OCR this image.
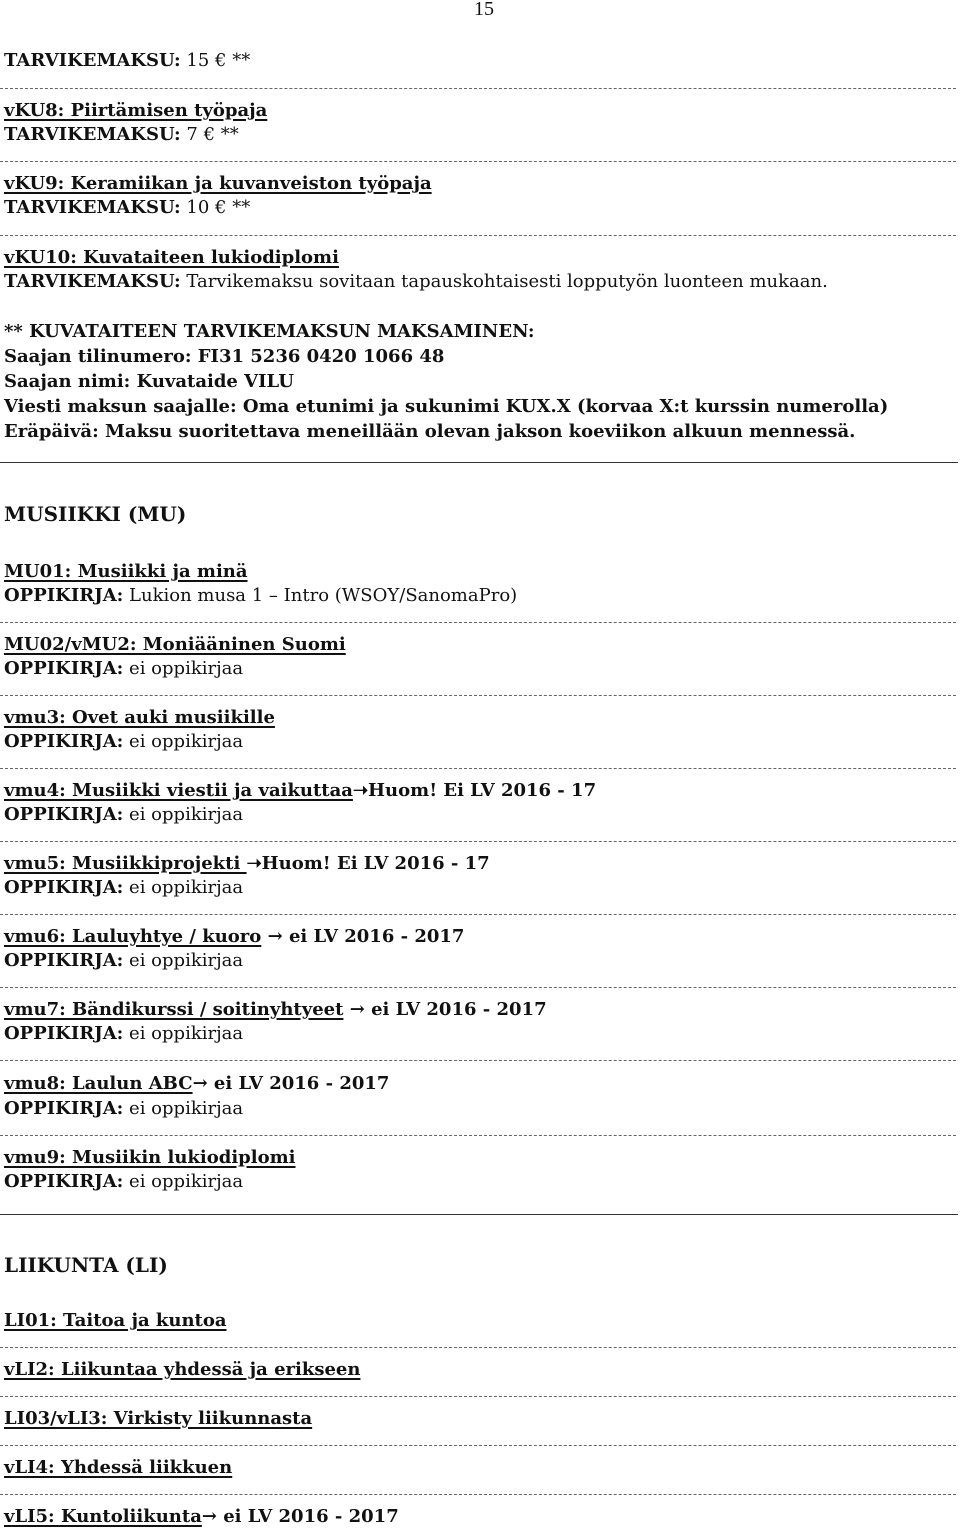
15
TARVIKEMAKSU: 15 € **
vKU8: Piirtämisen työpaja
TARVIKEMAKSU: 7 € **
vKU9: Keramiikan ja kuvanveiston työpaja
TARVIKEMAKSU: 10 € **
vKU10: Kuvataiteen lukiodiplomi
TARVIKEMAKSU: Tarvikemaksu sovitaan tapauskohtaisesti lopputyön luonteen mukaan.
** KUVATAITEEN TARVIKEMAKSUN MAKSAMINEN:
Saajan tilinumero: FI31 5236 0420 1066 48
Saajan nimi: Kuvataide VILU
Viesti maksun saajalle: Oma etunimi ja sukunimi KUX.X (korvaa X:t kurssin numerolla)
Eräpäivä: Maksu suoritettava meneillään olevan jakson koeviikon alkuun mennessä.
MUSIIKKI (MU)
MU01: Musiikki ja minä
OPPIKIRJA: Lukion musa 1 – Intro (WSOY/SanomaPro)
MU02/vMU2: Moniääninen Suomi
OPPIKIRJA: ei oppikirjaa
vmu3: Ovet auki musiikille
OPPIKIRJA: ei oppikirjaa
vmu4: Musiikki viestii ja vaikuttaa➝Huom! Ei LV 2016 - 17
OPPIKIRJA: ei oppikirjaa
vmu5: Musiikkiprojekti ➝Huom! Ei LV 2016 - 17
OPPIKIRJA: ei oppikirjaa
vmu6: Lauluyhtye / kuoro → ei LV 2016 - 2017
OPPIKIRJA: ei oppikirjaa
vmu7: Bändikurssi / soitinyhtyeet → ei LV 2016 - 2017
OPPIKIRJA: ei oppikirjaa
vmu8: Laulun ABC→ ei LV 2016 - 2017
OPPIKIRJA: ei oppikirjaa
vmu9: Musiikin lukiodiplomi
OPPIKIRJA: ei oppikirjaa
LIIKUNTA (LI)
LI01: Taitoa ja kuntoa
vLI2: Liikuntaa yhdessä ja erikseen
LI03/vLI3: Virkisty liikunnasta
vLI4: Yhdessä liikkuen
vLI5: Kuntoliikunta→ ei LV 2016 - 2017
